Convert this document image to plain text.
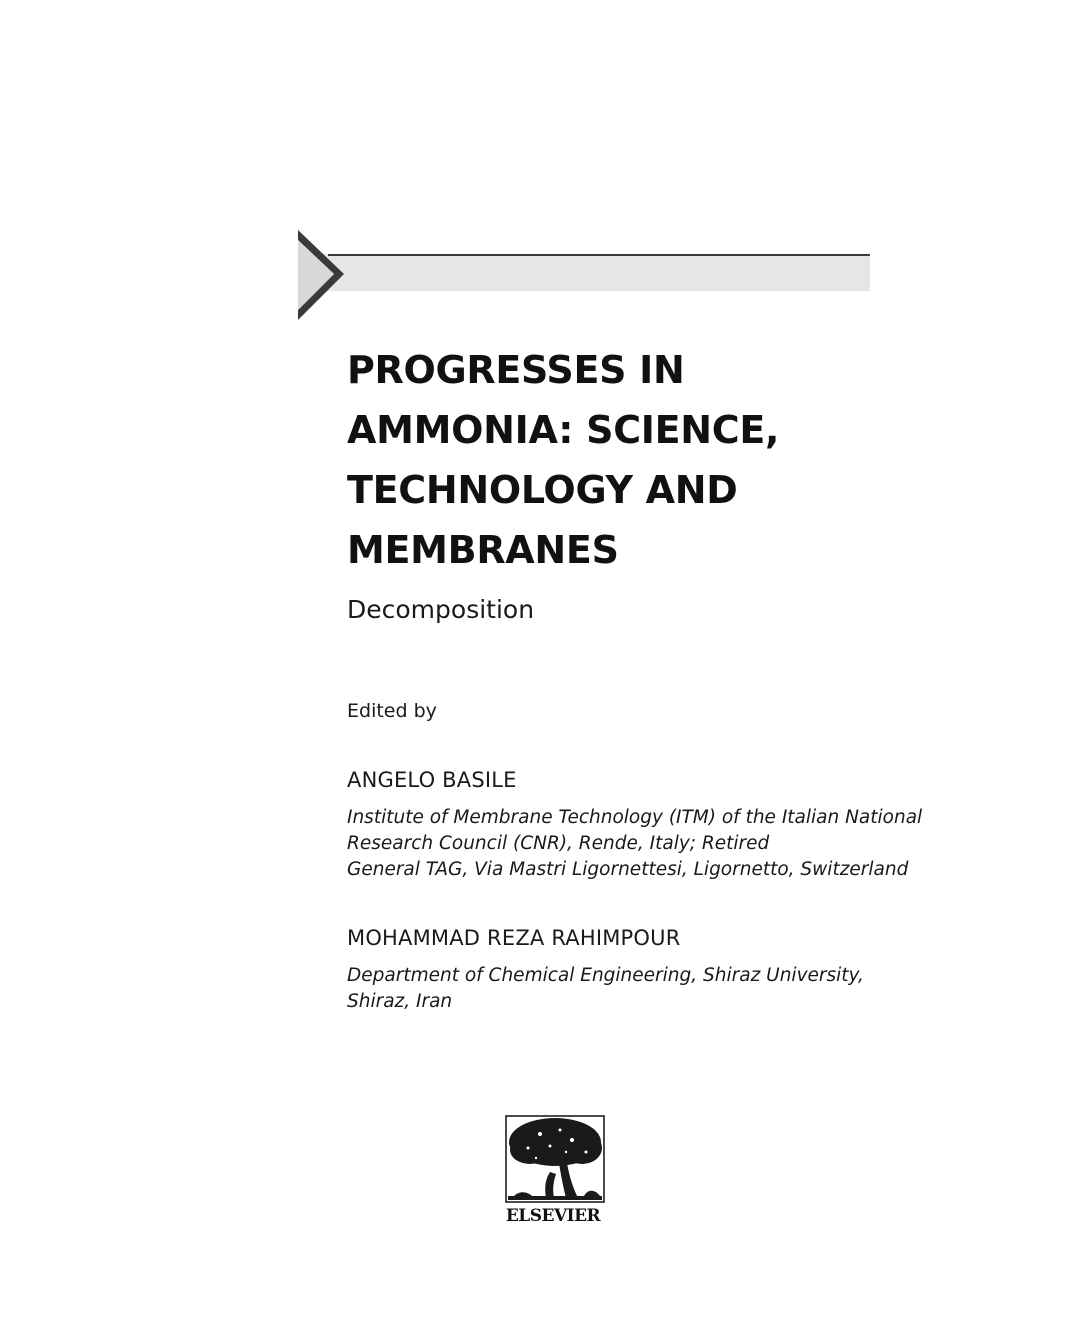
PROGRESSES IN
AMMONIA: SCIENCE,
TECHNOLOGY AND
MEMBRANES
Decomposition
Edited by
ANGELO BASILE
Institute of Membrane Technology (ITM) of the Italian National
Research Council (CNR), Rende, Italy; Retired
General TAG, Via Mastri Ligornettesi, Ligornetto, Switzerland
MOHAMMAD REZA RAHIMPOUR
Department of Chemical Engineering, Shiraz University,
Shiraz, Iran
ELSEVIER
